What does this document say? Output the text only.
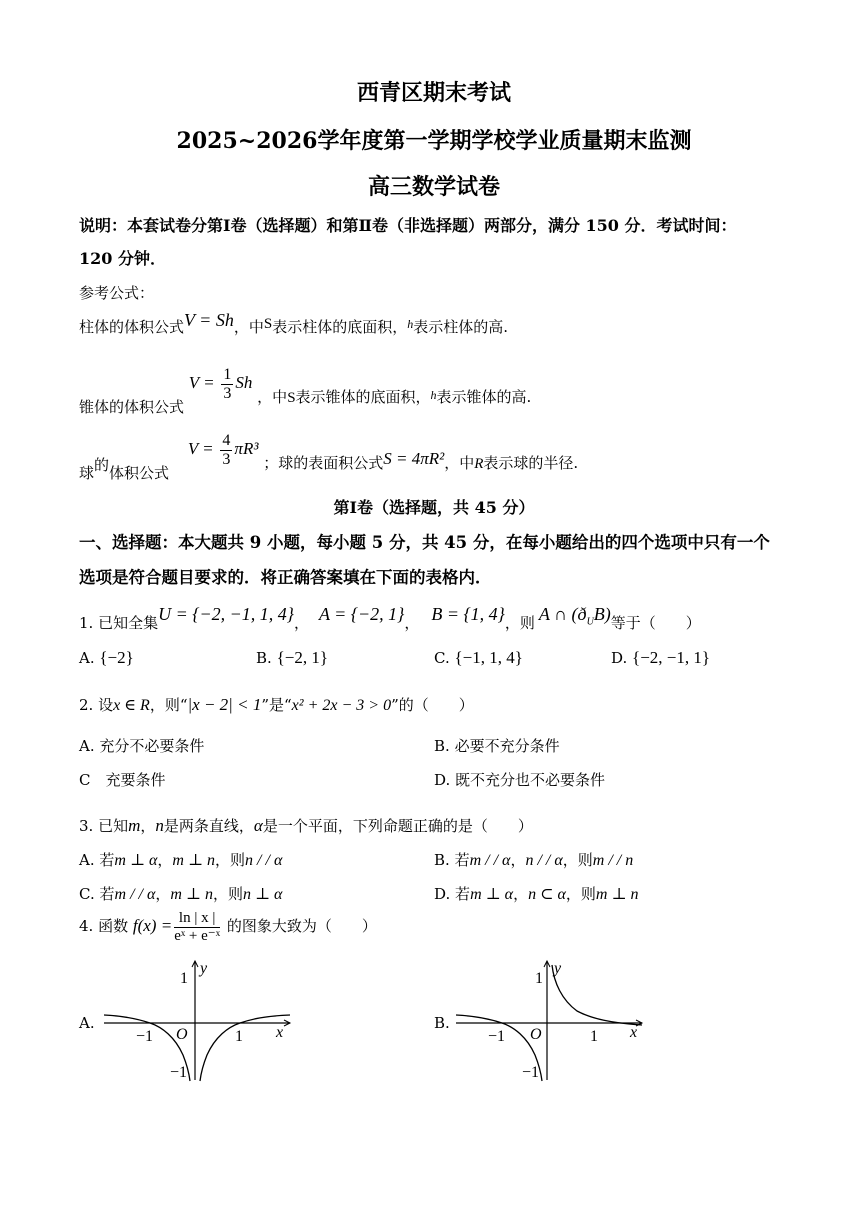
西青区期末考试
2025~2026学年度第一学期学校学业质量期末监测
高三数学试卷
说明：本套试卷分第Ⅰ卷（选择题）和第Ⅱ卷（非选择题）两部分，满分 150 分．考试时间：
120 分钟．
参考公式：
柱体的体积公式V = Sh，中S表示柱体的底面积，$^h$表示柱体的高.
锥体的体积公式 $V = \frac{1}{3}$ Sh ，中S表示锥体的底面积，$^h$表示锥体的高.
球的体积公式 $V = \frac{4}{3} \pi R^3$ ；球的表面积公式S = 4πR²，中R表示球的半径.
第Ⅰ卷（选择题，共 45 分）
一、选择题：本大题共 9 小题，每小题 5 分，共 45 分，在每小题给出的四个选项中只有一个
选项是符合题目要求的．将正确答案填在下面的表格内．
1. 已知全集U = {−2, −1, 1, 4}， A = {−2, 1}， B = {1, 4}，则 A ∩ $(ð_UB)$等于（　　）
A. {−2}	B. {−2, 1}	C. {−1, 1, 4}	D. {−2, −1, 1}
2. 设x ∈ R，则“|x − 2| < 1”是“x² + 2x − 3 > 0”的（　　）
A. 充分不必要条件	B. 必要不充分条件
C　 充要条件	D. 既不充分也不必要条件
3. 已知m，n是两条直线，α是一个平面，下列命题正确的是（　　）
A. 若m ⊥ α，m ⊥ n，则n / / α	B. 若m / / α，n / / α，则m / / n
C. 若m / / α，m ⊥ n，则n ⊥ α	D. 若m ⊥ α，n ⊂ α，则m ⊥ n
4. 函数 $f(x) = \frac{\ln | x |}{\text{eˣ + e⁻ˣ}}$ 的图象大致为（　　）
A.
1
y
−1 O	1 x
−1
B.
1
y
−1 O	1 x
−1
